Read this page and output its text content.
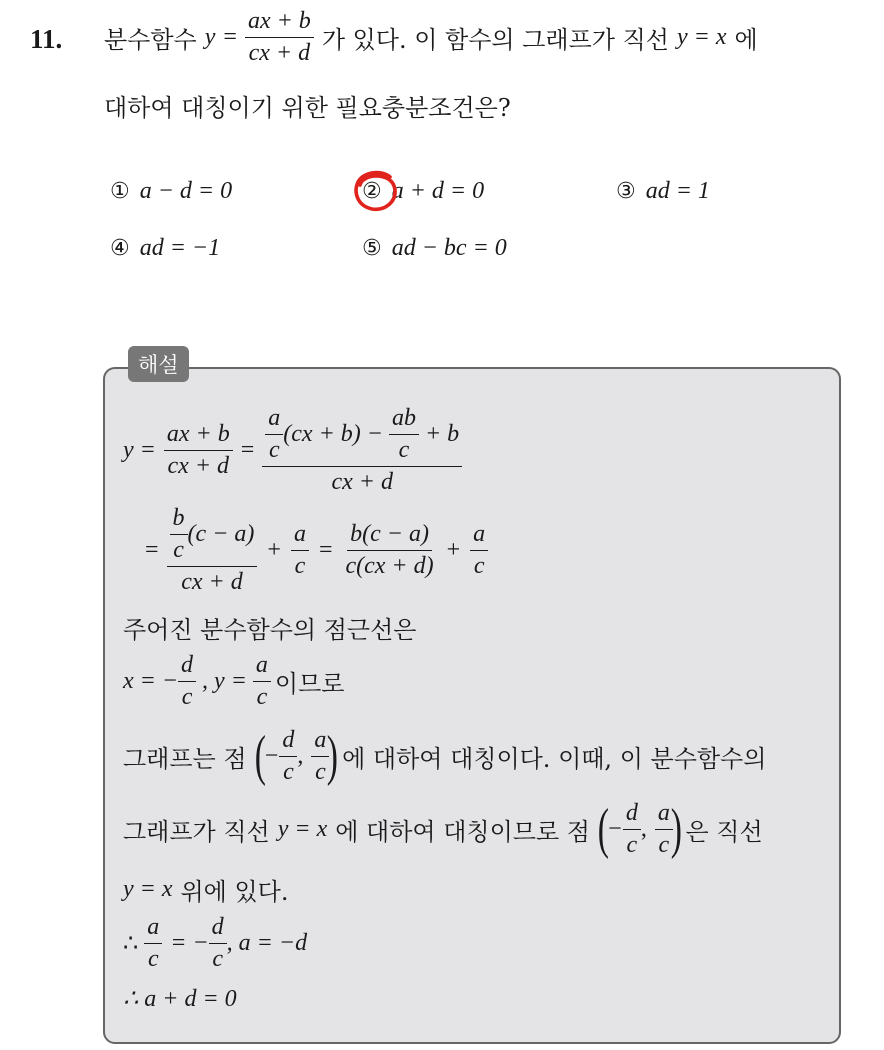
11. 분수함수 $y = \frac{ax + b}{cx + d}$ 가 있다. 이 함수의 그래프가 직선 y = x 에
대하여 대칭이기 위한 필요충분조건은?
① a − d = 0	② a + d = 0	③ ad = 1
④ ad = −1	⑤ ad − bc = 0
해설
$y = \frac{ax + b}{cx + d} = \frac{a}{c} (cx + b) - \frac{ab}{c} + b$
cx + d
= $\frac{\frac{b}{c} (c - a)}{cx + d} + \frac{a}{c} = \frac{b(c - a)}{c(cx + d)} + \frac{a}{c}$
주어진 분수함수의 점근선은
x = − $\frac{d}{c}$ , $y = \frac{a}{c}$ 이므로
그래프는 점 (
− $\frac{d}{c}$ , $\frac{a}{c}$
) 에 대하여 대칭이다. 이때, 이 분수함수의
그래프가 직선 y = x 에 대하여 대칭이므로 점 (
− $\frac{d}{c}$ , $\frac{a}{c}$
) 은 직선
y = x 위에 있다.
∴ $\frac{a}{c}$ = − $\frac{d}{c}$ , a = −d
∴ a + d = 0
